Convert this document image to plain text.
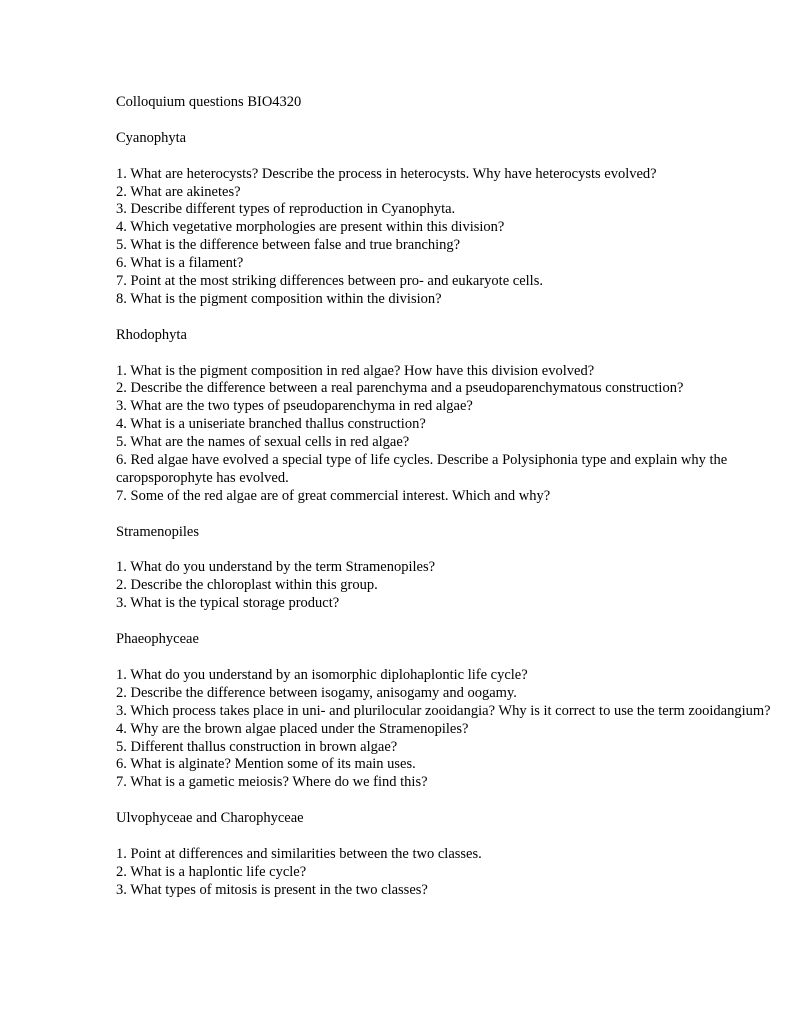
Colloquium questions BIO4320
Cyanophyta
1. What are heterocysts? Describe the process in heterocysts. Why have heterocysts evolved?
2. What are akinetes?
3. Describe different types of reproduction in Cyanophyta.
4. Which vegetative morphologies are present within this division?
5. What is the difference between false and true branching?
6. What is a filament?
7. Point at the most striking differences between pro- and eukaryote cells.
8. What is the pigment composition within the division?
Rhodophyta
1. What is the pigment composition in red algae? How have this division evolved?
2. Describe the difference between a real parenchyma and a pseudoparenchymatous construction?
3. What are the two types of pseudoparenchyma in red algae?
4. What is a uniseriate branched thallus construction?
5. What are the names of sexual cells in red algae?
6. Red algae have evolved a special type of life cycles. Describe a Polysiphonia type and explain why the caropsporophyte has evolved.
7. Some of the red algae are of great commercial interest. Which and why?
Stramenopiles
1. What do you understand by the term Stramenopiles?
2. Describe the chloroplast within this group.
3. What is the typical storage product?
Phaeophyceae
1. What do you understand by an isomorphic diplohaplontic life cycle?
2. Describe the difference between isogamy, anisogamy and oogamy.
3. Which process takes place in uni- and plurilocular zooidangia? Why is it correct to use the term zooidangium?
4. Why are the brown algae placed under the Stramenopiles?
5. Different thallus construction in brown algae?
6. What is alginate? Mention some of its main uses.
7. What is a gametic meiosis? Where do we find this?
Ulvophyceae and Charophyceae
1. Point at differences and similarities between the two classes.
2. What is a haplontic life cycle?
3. What types of mitosis is present in the two classes?
